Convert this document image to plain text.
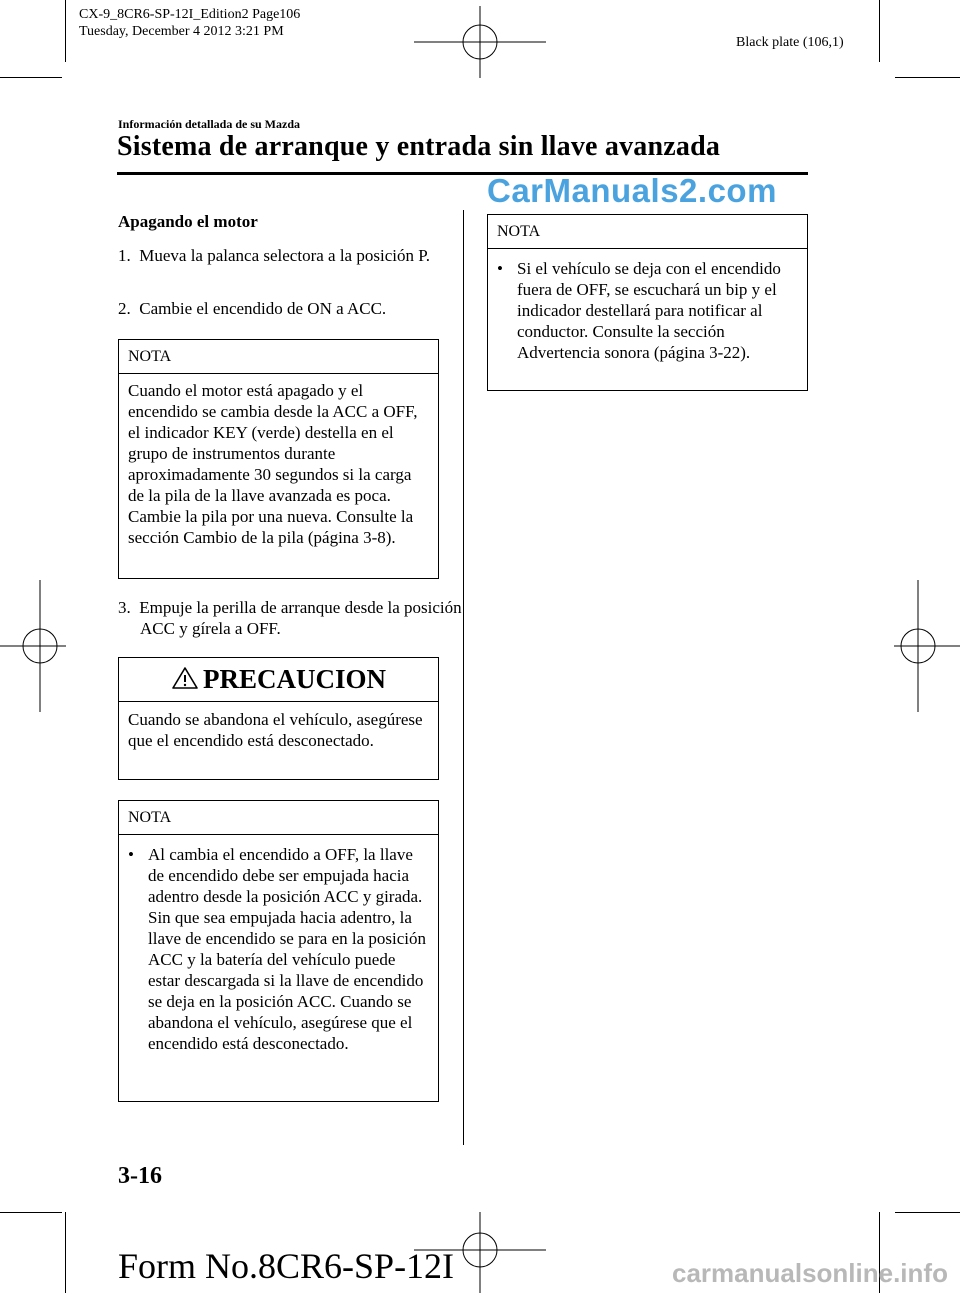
CX-9_8CR6-SP-12I_Edition2 Page106
Tuesday, December 4 2012 3:21 PM
Black plate (106,1)
Información detallada de su Mazda
Sistema de arranque y entrada sin llave avanzada
CarManuals2.com
Apagando el motor
1. Mueva la palanca selectora a la posición P.
2. Cambie el encendido de ON a ACC.
NOTA
Cuando el motor está apagado y el encendido se cambia desde la ACC a OFF, el indicador KEY (verde) destella en el grupo de instrumentos durante aproximadamente 30 segundos si la carga de la pila de la llave avanzada es poca. Cambie la pila por una nueva. Consulte la sección Cambio de la pila (página 3-8).
3. Empuje la perilla de arranque desde la posición ACC y gírela a OFF.
PRECAUCION
Cuando se abandona el vehículo, asegúrese que el encendido está desconectado.
NOTA
• Al cambia el encendido a OFF, la llave de encendido debe ser empujada hacia adentro desde la posición ACC y girada. Sin que sea empujada hacia adentro, la llave de encendido se para en la posición ACC y la batería del vehículo puede estar descargada si la llave de encendido se deja en la posición ACC. Cuando se abandona el vehículo, asegúrese que el encendido está desconectado.
NOTA
• Si el vehículo se deja con el encendido fuera de OFF, se escuchará un bip y el indicador destellará para notificar al conductor. Consulte la sección Advertencia sonora (página 3-22).
3-16
Form No.8CR6-SP-12I	carmanualsonline.info
